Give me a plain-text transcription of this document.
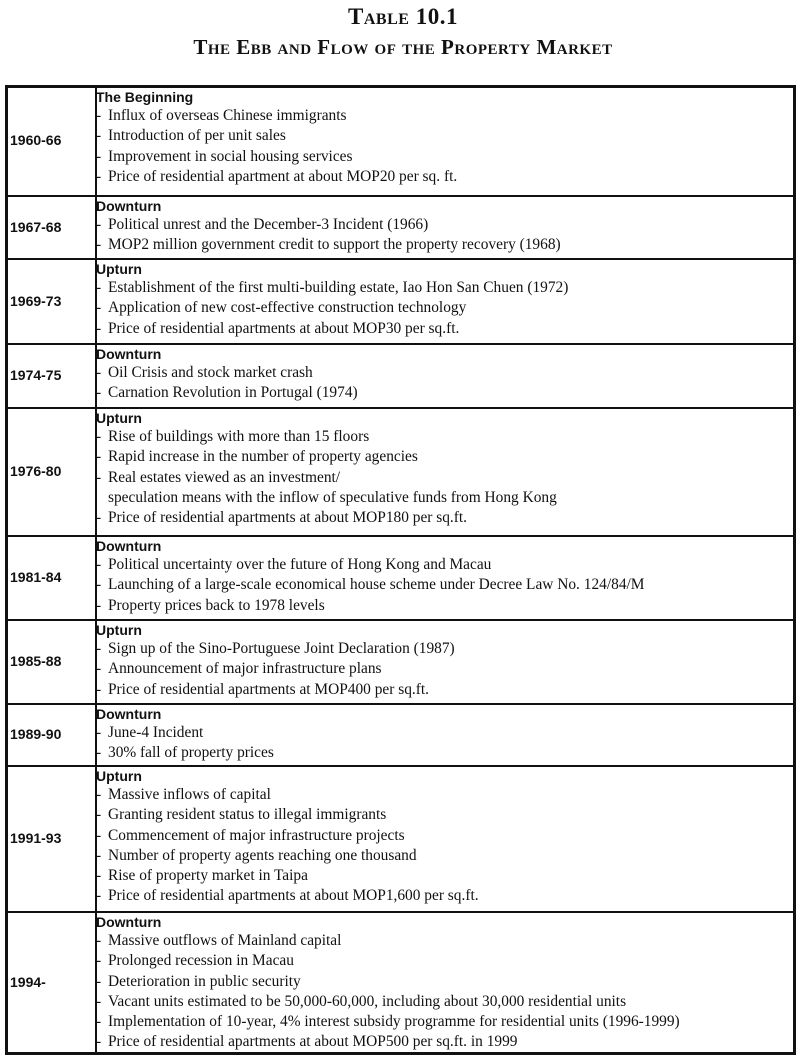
Table 10.1
The Ebb and Flow of the Property Market
1960-66
The Beginning
- Influx of overseas Chinese immigrants
- Introduction of per unit sales
- Improvement in social housing services
- Price of residential apartment at about MOP20 per sq. ft.
1967-68
Downturn
- Political unrest and the December-3 Incident (1966)
- MOP2 million government credit to support the property recovery (1968)
1969-73
Upturn
- Establishment of the first multi-building estate, Iao Hon San Chuen (1972)
- Application of new cost-effective construction technology
- Price of residential apartments at about MOP30 per sq.ft.
1974-75
Downturn
- Oil Crisis and stock market crash
- Carnation Revolution in Portugal (1974)
1976-80
Upturn
- Rise of buildings with more than 15 floors
- Rapid increase in the number of property agencies
- Real estates viewed as an investment/
speculation means with the inflow of speculative funds from Hong Kong
- Price of residential apartments at about MOP180 per sq.ft.
1981-84
Downturn
- Political uncertainty over the future of Hong Kong and Macau
- Launching of a large-scale economical house scheme under Decree Law No. 124/84/M
- Property prices back to 1978 levels
1985-88
Upturn
- Sign up of the Sino-Portuguese Joint Declaration (1987)
- Announcement of major infrastructure plans
- Price of residential apartments at MOP400 per sq.ft.
1989-90
Downturn
- June-4 Incident
- 30% fall of property prices
1991-93
Upturn
- Massive inflows of capital
- Granting resident status to illegal immigrants
- Commencement of major infrastructure projects
- Number of property agents reaching one thousand
- Rise of property market in Taipa
- Price of residential apartments at about MOP1,600 per sq.ft.
1994-
Downturn
- Massive outflows of Mainland capital
- Prolonged recession in Macau
- Deterioration in public security
- Vacant units estimated to be 50,000-60,000, including about 30,000 residential units
- Implementation of 10-year, 4% interest subsidy programme for residential units (1996-1999)
- Price of residential apartments at about MOP500 per sq.ft. in 1999
